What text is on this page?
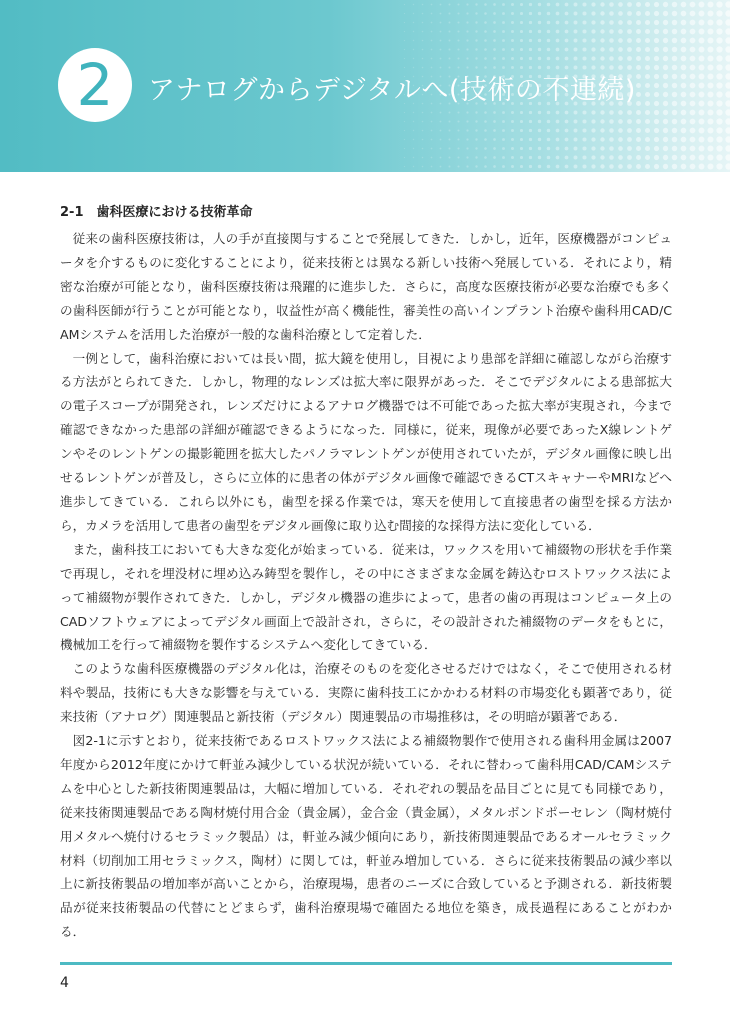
2 アナログからデジタルへ(技術の不連続)
2-1　歯科医療における技術革命

従来の歯科医療技術は，人の手が直接関与することで発展してきた．しかし，近年，医療機器がコンピュータを介するものに変化することにより，従来技術とは異なる新しい技術へ発展している．それにより，精密な治療が可能となり，歯科医療技術は飛躍的に進歩した．さらに，高度な医療技術が必要な治療でも多くの歯科医師が行うことが可能となり，収益性が高く機能性，審美性の高いインプラント治療や歯科用CAD/CAMシステムを活用した治療が一般的な歯科治療として定着した．

一例として，歯科治療においては長い間，拡大鏡を使用し，目視により患部を詳細に確認しながら治療する方法がとられてきた．しかし，物理的なレンズは拡大率に限界があった．そこでデジタルによる患部拡大の電子スコープが開発され，レンズだけによるアナログ機器では不可能であった拡大率が実現され，今まで確認できなかった患部の詳細が確認できるようになった．同様に，従来，現像が必要であったX線レントゲンやそのレントゲンの撮影範囲を拡大したパノラマレントゲンが使用されていたが，デジタル画像に映し出せるレントゲンが普及し，さらに立体的に患者の体がデジタル画像で確認できるCTスキャナーやMRIなどへ進歩してきている．これら以外にも，歯型を採る作業では，寒天を使用して直接患者の歯型を採る方法から，カメラを活用して患者の歯型をデジタル画像に取り込む間接的な採得方法に変化している．

また，歯科技工においても大きな変化が始まっている．従来は，ワックスを用いて補綴物の形状を手作業で再現し，それを埋没材に埋め込み鋳型を製作し，その中にさまざまな金属を鋳込むロストワックス法によって補綴物が製作されてきた．しかし，デジタル機器の進歩によって，患者の歯の再現はコンピュータ上のCADソフトウェアによってデジタル画面上で設計され，さらに，その設計された補綴物のデータをもとに，機械加工を行って補綴物を製作するシステムへ変化してきている．

このような歯科医療機器のデジタル化は，治療そのものを変化させるだけではなく，そこで使用される材料や製品，技術にも大きな影響を与えている．実際に歯科技工にかかわる材料の市場変化も顕著であり，従来技術（アナログ）関連製品と新技術（デジタル）関連製品の市場推移は，その明暗が顕著である．

図2-1に示すとおり，従来技術であるロストワックス法による補綴物製作で使用される歯科用金属は2007年度から2012年度にかけて軒並み減少している状況が続いている．それに替わって歯科用CAD/CAMシステムを中心とした新技術関連製品は，大幅に増加している．それぞれの製品を品目ごとに見ても同様であり，従来技術関連製品である陶材焼付用合金（貴金属），金合金（貴金属），メタルボンドポーセレン（陶材焼付用メタルへ焼付けるセラミック製品）は，軒並み減少傾向にあり，新技術関連製品であるオールセラミック材料（切削加工用セラミックス，陶材）に関しては，軒並み増加している．さらに従来技術製品の減少率以上に新技術製品の増加率が高いことから，治療現場，患者のニーズに合致していると予測される．新技術製品が従来技術製品の代替にとどまらず，歯科治療現場で確固たる地位を築き，成長過程にあることがわかる．

4
